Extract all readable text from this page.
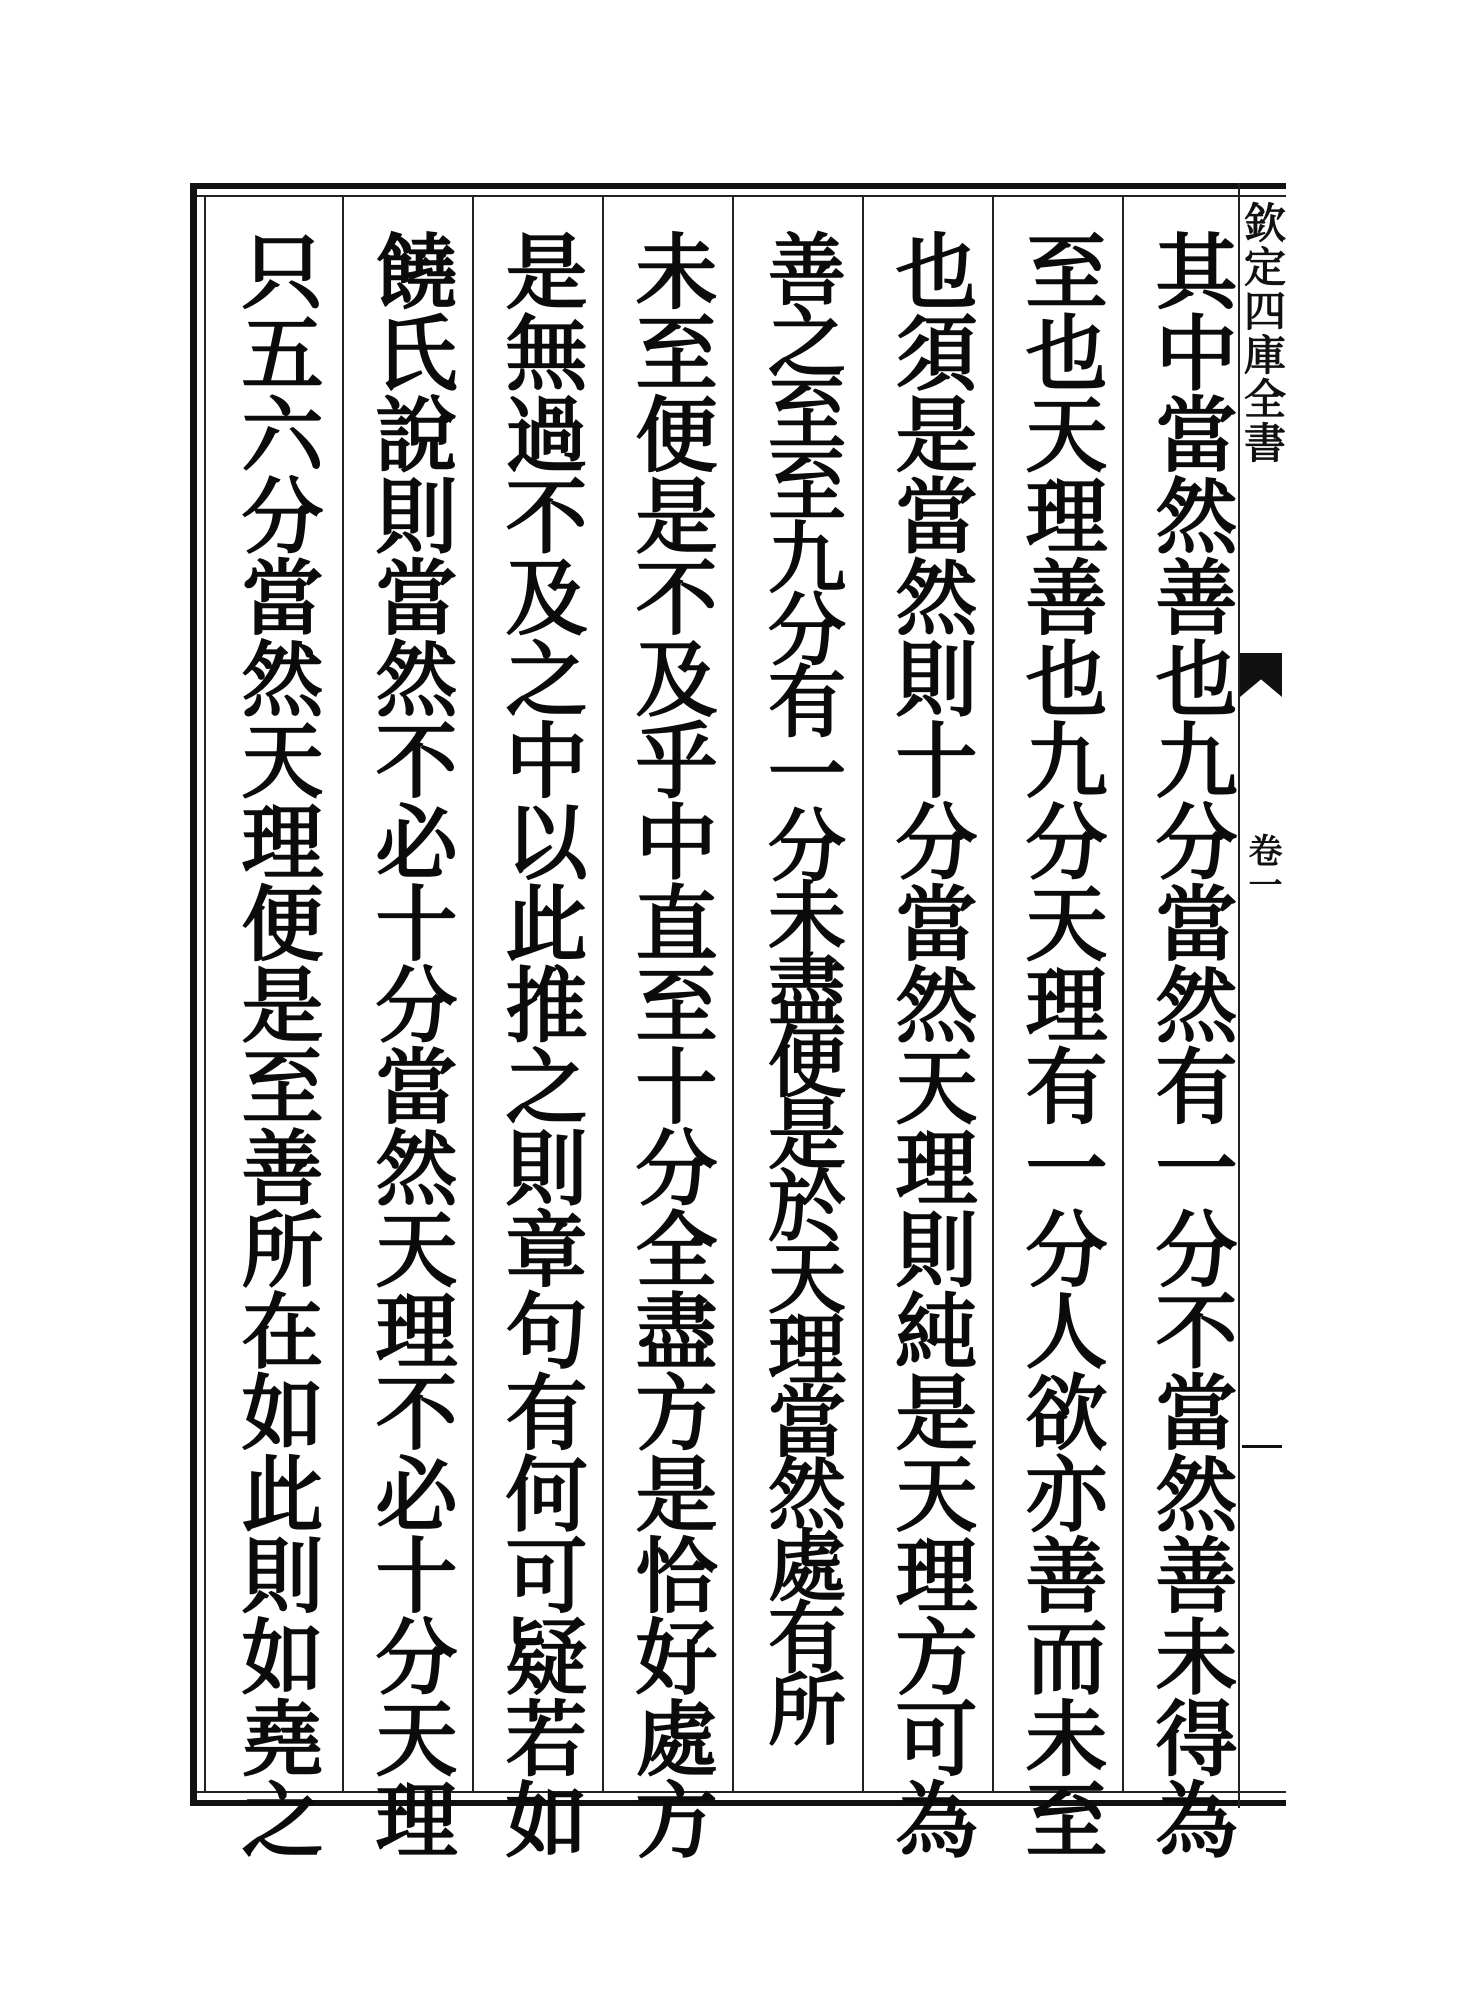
其中當然善也九分當然有一分不當然善未得為
至也天理善也九分天理有一分人欲亦善而未至
也須是當然則十分當然天理則純是天理方可為
善之至至九分有一分未盡便是於天理當然處有所
未至便是不及乎中直至十分全盡方是恰好處方
是無過不及之中以此推之則章句有何可疑若如
饒氏說則當然不必十分當然天理不必十分天理
只五六分當然天理便是至善所在如此則如堯之	欽定四庫全書
卷一
